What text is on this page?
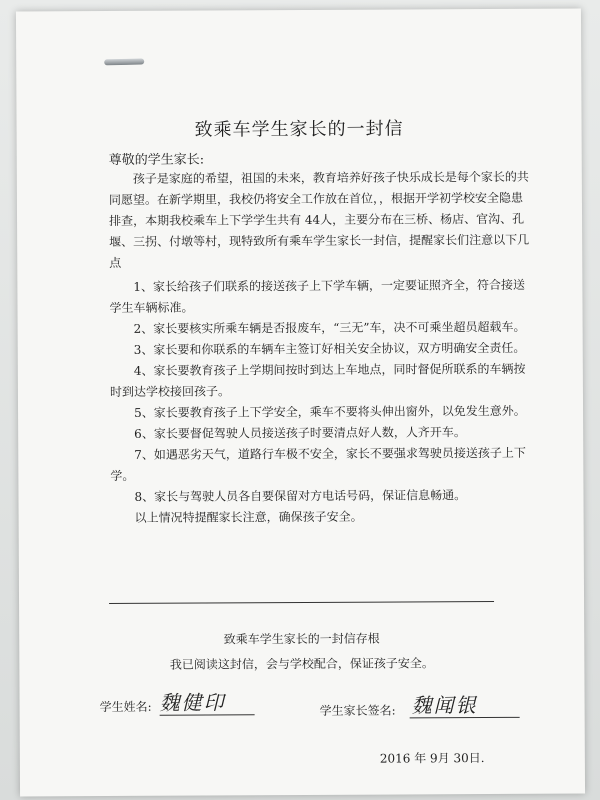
致乘车学生家长的一封信
尊敬的学生家长:

孩子是家庭的希望，祖国的未来，教育培养好孩子快乐成长是每个家长的共同愿望。在新学期里，我校仍将安全工作放在首位，，根据开学初学校安全隐患排查，本期我校乘车上下学学生共有 44人，主要分布在三桥、杨店、官沟、孔堰、三拐、付墩等村，现特致所有乘车学生家长一封信，提醒家长们注意以下几点

1、家长给孩子们联系的接送孩子上下学车辆，一定要证照齐全，符合接送学生车辆标准。

2、家长要核实所乘车辆是否报废车，“三无”车，决不可乘坐超员超载车。

3、家长要和你联系的车辆车主签订好相关安全协议，双方明确安全责任。

4、家长要教育孩子上学期间按时到达上车地点，同时督促所联系的车辆按时到达学校接回孩子。

5、家长要教育孩子上下学安全，乘车不要将头伸出窗外，以免发生意外。

6、家长要督促驾驶人员接送孩子时要清点好人数，人齐开车。

7、如遇恶劣天气，道路行车极不安全，家长不要强求驾驶员接送孩子上下学。

8、家长与驾驶人员各自要保留对方电话号码，保证信息畅通。

以上情况特提醒家长注意，确保孩子安全。

致乘车学生家长的一封信存根
我已阅读这封信，会与学校配合，保证孩子安全。
学生姓名: 魏健印	学生家长签名: 魏闻银
2016 年 9月 30日.
